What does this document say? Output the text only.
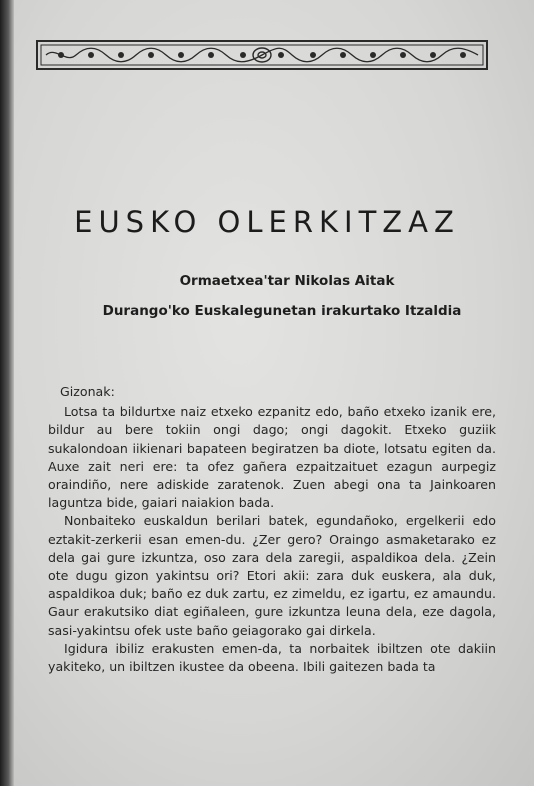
EUSKO OLERKITZAZ
Ormaetxea'tar Nikolas Aitak
Durango'ko Euskalegunetan irakurtako Itzaldia

Gizonak:

Lotsa ta bildurtxe naiz etxeko ezpanitz edo, baño etxeko izanik ere, bildur au bere tokiin ongi dago; ongi dagokit. Etxeko guziik sukalondoan iikienari bapateen begiratzen ba diote, lotsatu egiten da. Auxe zait neri ere: ta ofez gañera ezpaitzaituet ezagun aurpegiz oraindiño, nere adiskide zaratenok. Zuen abegi ona ta Jainkoaren laguntza bide, gaiari naiakion bada.

Nonbaiteko euskaldun berilari batek, egundañoko, ergelkerii edo eztakit-zerkerii esan emen-du. ¿Zer gero? Oraingo asmaketarako ez dela gai gure izkuntza, oso zara dela zaregii, aspaldikoa dela. ¿Zein ote dugu gizon yakintsu ori? Etori akii: zara duk euskera, ala duk, aspaldikoa duk; baño ez duk zartu, ez zimeldu, ez igartu, ez amaundu. Gaur erakutsiko diat egiñaleen, gure izkuntza leuna dela, eze dagola, sasi-yakintsu ofek uste baño geiagorako gai dirkela.

Igidura ibiliz erakusten emen-da, ta norbaitek ibiltzen ote dakiin yakiteko, un ibiltzen ikustee da obeena. Ibili gaitezen bada ta
